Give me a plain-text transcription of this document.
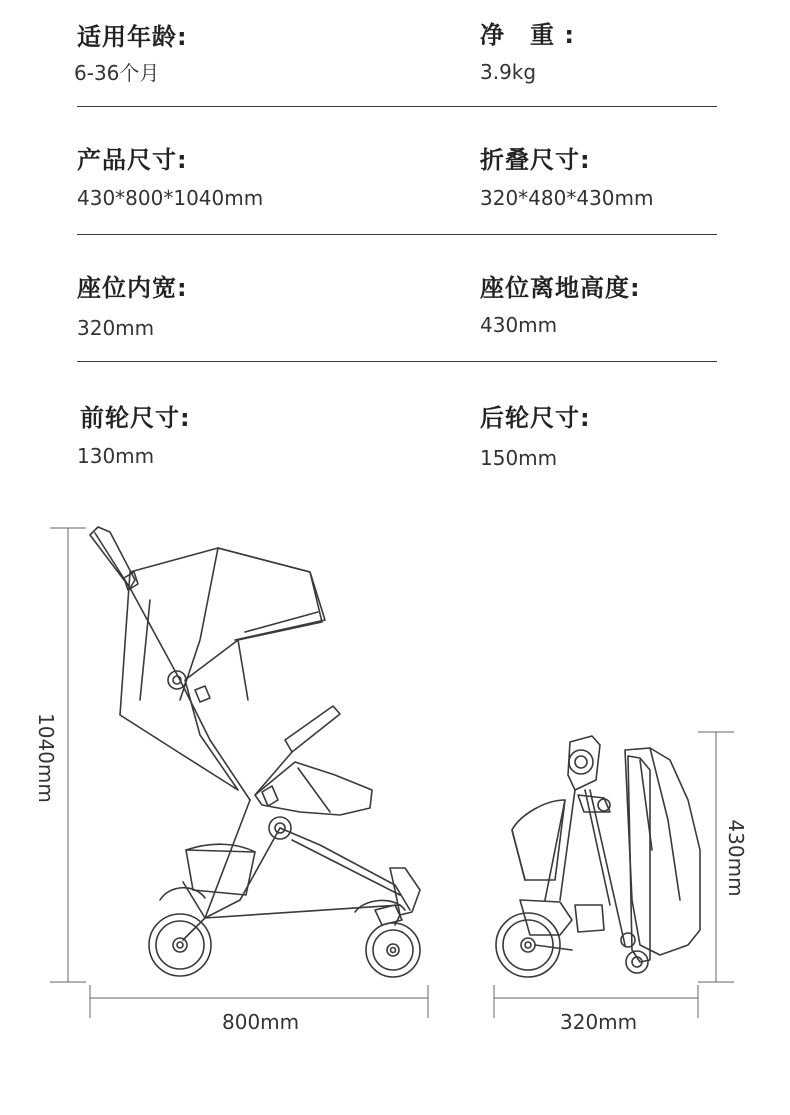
适用年龄:
6-36个月
净　重 :
3.9kg
产品尺寸:
430*800*1040mm
折叠尺寸:
320*480*430mm
座位内宽:
320mm
座位离地高度:
430mm
前轮尺寸:
130mm
后轮尺寸:
150mm
1040mm
800mm
430mm
320mm
